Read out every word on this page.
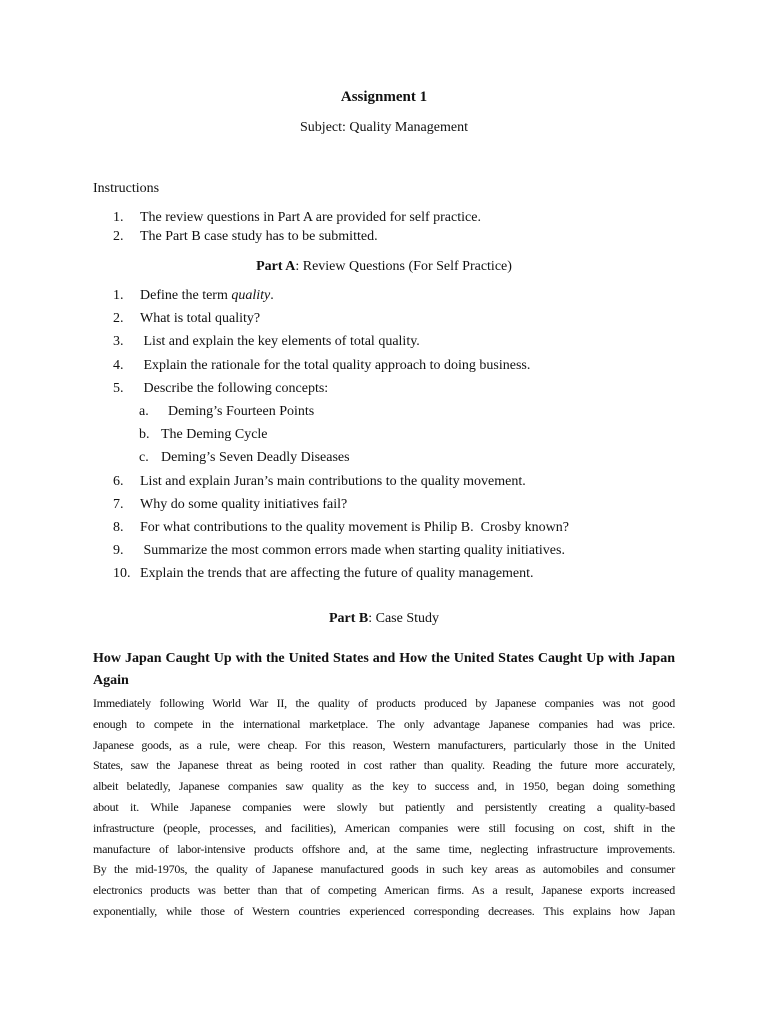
Assignment 1
Subject: Quality Management
Instructions
1. The review questions in Part A are provided for self practice.
2. The Part B case study has to be submitted.
Part A: Review Questions (For Self Practice)
1. Define the term quality.
2. What is total quality?
3. List and explain the key elements of total quality.
4. Explain the rationale for the total quality approach to doing business.
5. Describe the following concepts:
a.  Deming’s Fourteen Points
b. The Deming Cycle
c. Deming’s Seven Deadly Diseases
6. List and explain Juran’s main contributions to the quality movement.
7. Why do some quality initiatives fail?
8. For what contributions to the quality movement is Philip B.  Crosby known?
9. Summarize the most common errors made when starting quality initiatives.
10. Explain the trends that are affecting the future of quality management.
Part B: Case Study
How Japan Caught Up with the United States and How the United States Caught Up with Japan Again

Immediately following World War II, the quality of products produced by Japanese companies was not good
enough to compete in the international marketplace. The only advantage Japanese companies had was price.
Japanese goods, as a rule, were cheap. For this reason, Western manufacturers, particularly those in the United
States, saw the Japanese threat as being rooted in cost rather than quality. Reading the future more accurately,
albeit belatedly, Japanese companies saw quality as the key to success and, in 1950, began doing something
about it. While Japanese companies were slowly but patiently and persistently creating a quality-based
infrastructure (people, processes, and facilities), American companies were still focusing on cost, shift in the
manufacture of labor-intensive products offshore and, at the same time, neglecting infrastructure improvements.
By the mid-1970s, the quality of Japanese manufactured goods in such key areas as automobiles and consumer
electronics products was better than that of competing American firms. As a result, Japanese exports increased
exponentially, while those of Western countries experienced corresponding decreases. This explains how Japan
